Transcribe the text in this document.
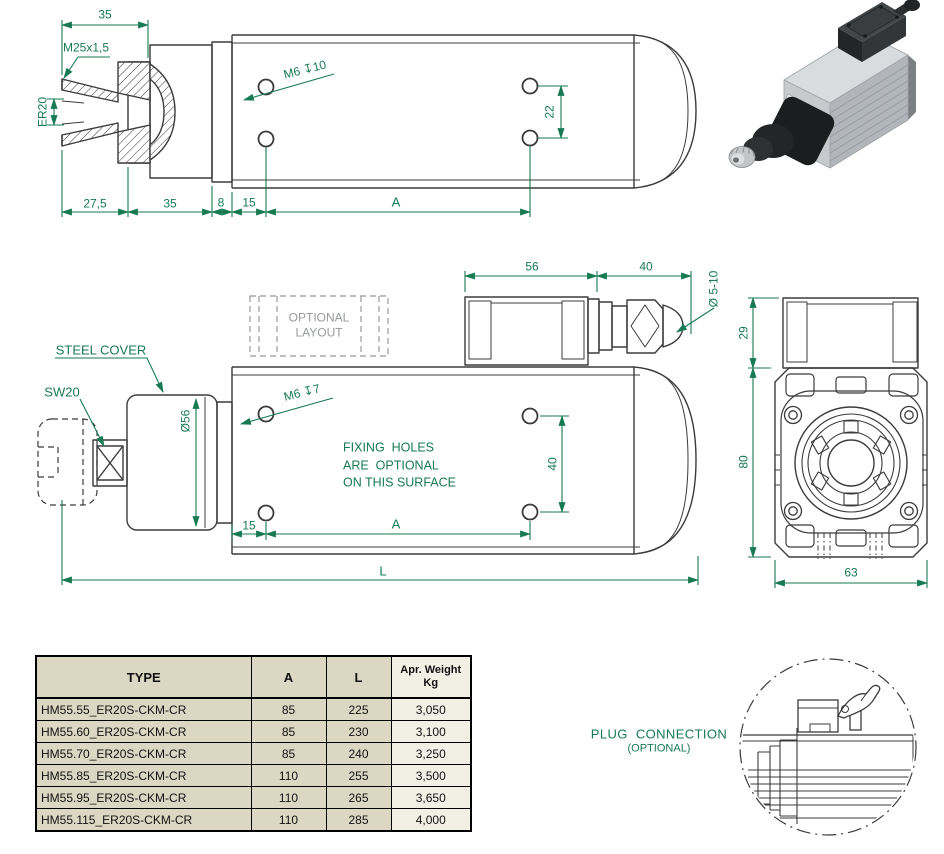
35
M25x1,5
ER20
M6 ↧10
22
27,5	35	8 15	A
STEEL COVER
SW20
OPTIONAL
LAYOUT
56	40
Ø 5-10
Ø56
M6 ↧7
FIXING  HOLES
ARE  OPTIONAL
ON THIS SURFACE
40
15	A
L
29
80
63
PLUG  CONNECTION
(OPTIONAL)
TYPE	A	L	Apr. Weight
Kg

HM55.55_ER20S-CKM-CR	85	225	3,050
HM55.60_ER20S-CKM-CR	85	230	3,100
HM55.70_ER20S-CKM-CR	85	240	3,250
HM55.85_ER20S-CKM-CR	110	255	3,500
HM55.95_ER20S-CKM-CR	110	265	3,650
HM55.115_ER20S-CKM-CR	110	285	4,000
